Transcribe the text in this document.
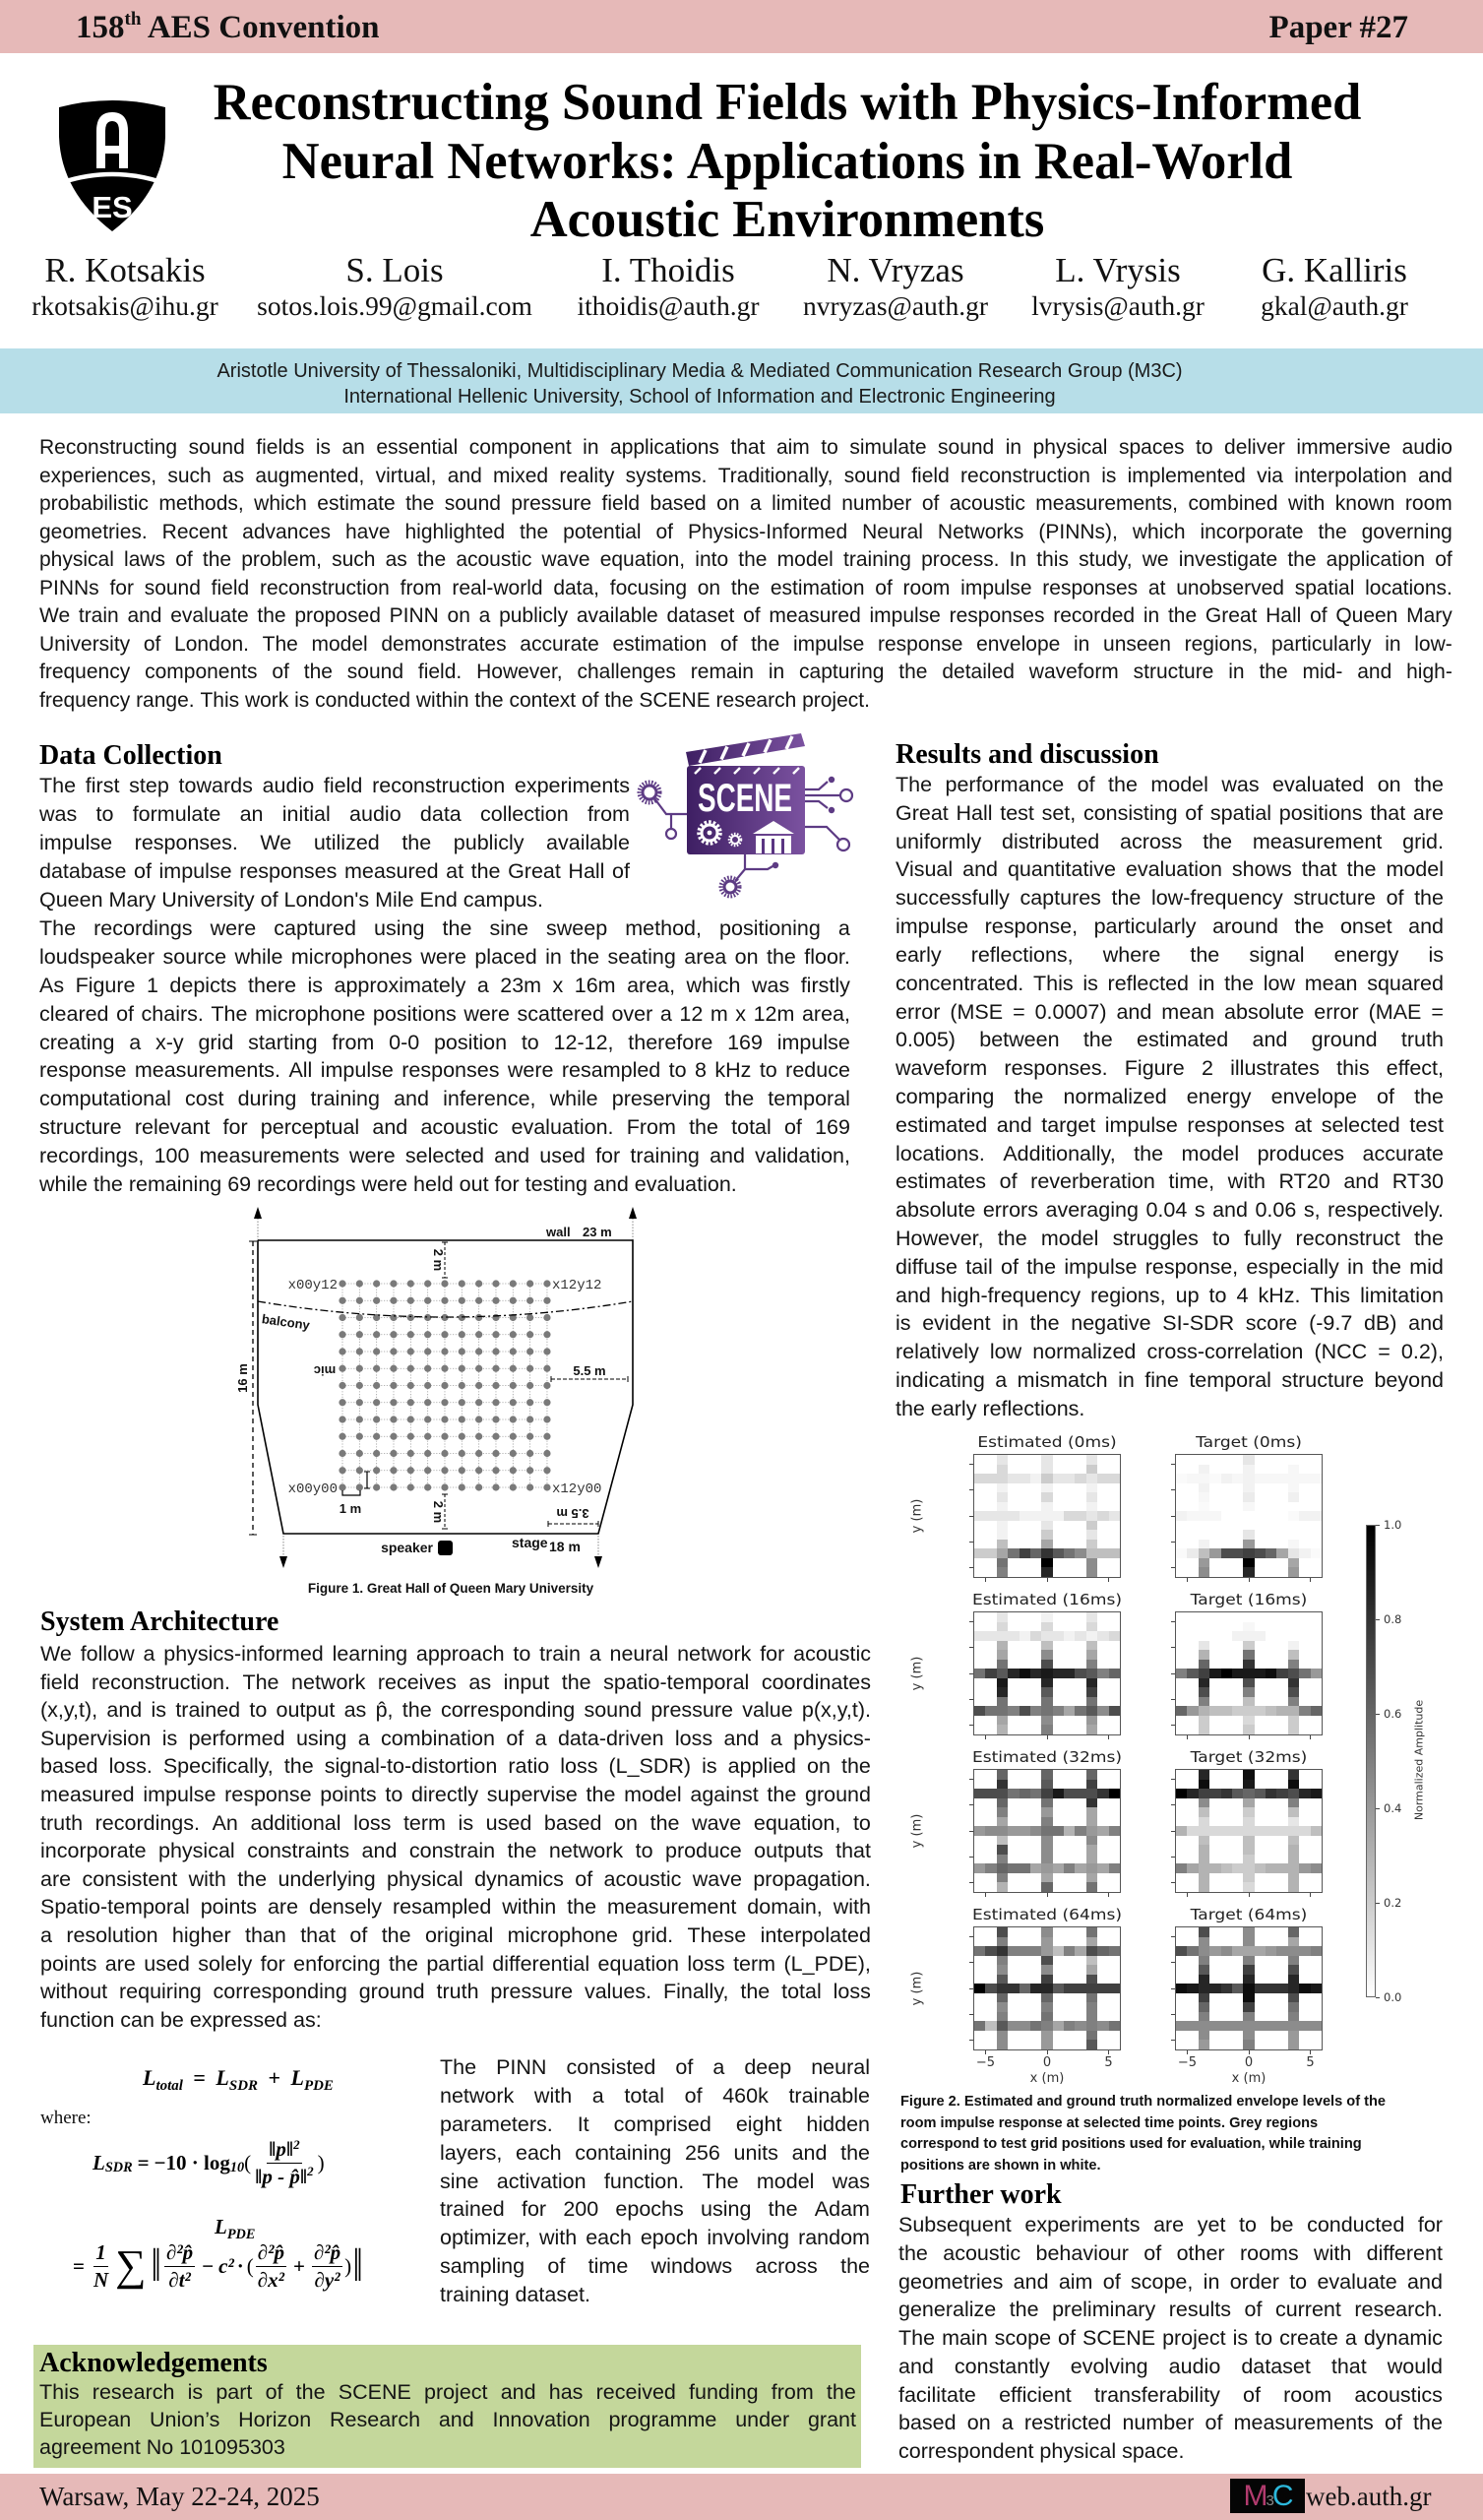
158th AES Convention	Paper #27
ES
Reconstructing Sound Fields with Physics-Informed
Neural Networks: Applications in Real-World
Acoustic Environments
R. Kotsakis
rkotsakis@ihu.gr
S. Lois
sotos.lois.99@gmail.com
I. Thoidis
ithoidis@auth.gr
N. Vryzas
nvryzas@auth.gr
L. Vrysis
lvrysis@auth.gr
G. Kalliris
gkal@auth.gr
Aristotle University of Thessaloniki, Multidisciplinary Media & Mediated Communication Research Group (M3C)
International Hellenic University, School of Information and Electronic Engineering
Reconstructing sound fields is an essential component in applications that aim to simulate sound in physical spaces to deliver immersive audio
experiences, such as augmented, virtual, and mixed reality systems. Traditionally, sound field reconstruction is implemented via interpolation and
probabilistic methods, which estimate the sound pressure field based on a limited number of acoustic measurements, combined with known room
geometries. Recent advances have highlighted the potential of Physics-Informed Neural Networks (PINNs), which incorporate the governing
physical laws of the problem, such as the acoustic wave equation, into the model training process. In this study, we investigate the application of
PINNs for sound field reconstruction from real-world data, focusing on the estimation of room impulse responses at unobserved spatial locations.
We train and evaluate the proposed PINN on a publicly available dataset of measured impulse responses recorded in the Great Hall of Queen Mary
University of London. The model demonstrates accurate estimation of the impulse response envelope in unseen regions, particularly in low-
frequency components of the sound field. However, challenges remain in capturing the detailed waveform structure in the mid- and high-
frequency range. This work is conducted within the context of the SCENE research project.
Data Collection
The first step towards audio field reconstruction experiments
was to formulate an initial audio data collection from
impulse responses. We utilized the publicly available
database of impulse responses measured at the Great Hall of
Queen Mary University of London's Mile End campus.
The recordings were captured using the sine sweep method, positioning a
loudspeaker source while microphones were placed in the seating area on the floor.
As Figure 1 depicts there is approximately a 23m x 16m area, which was firstly
cleared of chairs. The microphone positions were scattered over a 12 m x 12m area,
creating a x-y grid starting from 0-0 position to 12-12, therefore 169 impulse
response measurements. All impulse responses were resampled to 8 kHz to reduce
computational cost during training and inference, while preserving the temporal
structure relevant for perceptual and acoustic evaluation. From the total of 169
recordings, 100 measurements were selected and used for training and validation,
while the remaining 69 recordings were held out for testing and evaluation.
SCENE
wall 23 m
16 m
x00y12	x12y12
x00y00	x12y00
2 m
2 m
balcony
mic	5.5 m
1 m	3.5 m
speaker	stage 18 m
Figure 1. Great Hall of Queen Mary University
System Architecture
We follow a physics-informed learning approach to train a neural network for acoustic
field reconstruction. The network receives as input the spatio-temporal coordinates
(x,y,t), and is trained to output as p̂, the corresponding sound pressure value p(x,y,t).
Supervision is performed using a combination of a data-driven loss and a physics-
based loss. Specifically, the signal-to-distortion ratio loss (L_SDR) is applied on the
measured impulse response points to directly supervise the model against the ground
truth recordings. An additional loss term is used based on the wave equation, to
incorporate physical constraints and constrain the network to produce outputs that
are consistent with the underlying physical dynamics of acoustic wave propagation.
Spatio-temporal points are densely resampled within the measurement domain, with
a resolution higher than that of the original microphone grid. These interpolated
points are used solely for enforcing the partial differential equation loss term (L_PDE),
without requiring corresponding ground truth pressure values. Finally, the total loss
function can be expressed as:
$L_{total} = L_{SDR} + L_{PDE}$
where:
L SDR = −10 · log 10 ( $\frac{‖p‖^2}{‖p - p̂‖^2}$ )
$L_{PDE}$
= $\frac{1}{N}$ ∑ ‖ $\frac{\text{∂²p̂}}{\text{∂t²}} - c^2$ · ( $\frac{\text{∂²p̂}}{\text{∂x²}} + \frac{\text{∂²p̂}}{\text{∂y²}}$ ) ‖
The PINN consisted of a deep neural
network with a total of 460k trainable
parameters. It comprised eight hidden
layers, each containing 256 units and the
sine activation function. The model was
trained for 200 epochs using the Adam
optimizer, with each epoch involving random
sampling of time windows across the
training dataset.
Acknowledgements
This research is part of the SCENE project and has received funding from the
European Union’s Horizon Research and Innovation programme under grant
agreement No 101095303
Results and discussion
The performance of the model was evaluated on the
Great Hall test set, consisting of spatial positions that are
uniformly distributed across the measurement grid.
Visual and quantitative evaluation shows that the model
successfully captures the low-frequency structure of the
impulse response, particularly around the onset and
early reflections, where the signal energy is
concentrated. This is reflected in the low mean squared
error (MSE = 0.0007) and mean absolute error (MAE =
0.005) between the estimated and ground truth
waveform responses. Figure 2 illustrates this effect,
comparing the normalized energy envelope of the
estimated and target impulse responses at selected test
locations. Additionally, the model produces accurate
estimates of reverberation time, with RT20 and RT30
absolute errors averaging 0.04 s and 0.06 s, respectively.
However, the model struggles to fully reconstruct the
diffuse tail of the impulse response, especially in the mid
and high-frequency regions, up to 4 kHz. This limitation
is evident in the negative SI-SDR score (-9.7 dB) and
relatively low normalized cross-correlation (NCC = 0.2),
indicating a mismatch in fine temporal structure beyond
the early reflections.
Estimated (0ms)
y (m)
Target (0ms)
Estimated (16ms)
y (m)
Target (16ms)
Estimated (32ms)
y (m)
Target (32ms)
Estimated (64ms)
−5	0	5
x (m)
y (m)
Target (64ms)
−5	0	5
x (m)
1.0
0.8
0.6
0.4
0.2
0.0
Normalized Amplitude
Figure 2. Est​imated and ground truth normalized envelope levels of the
room impulse response at selected time points. Grey regions
correspond to test grid positions used for evaluation, while training
positions are shown in white.
Further work
Subsequent experiments are yet to be conducted for
the acoustic behaviour of other rooms with different
geometries and aim of scope, in order to evaluate and
generalize the preliminary results of current research.
The main scope of SCENE project is to create a dynamic
and constantly evolving audio dataset that would
facilitate efficient transferability of room acoustics
based on a restricted number of measurements of the
correspondent physical space.
Warsaw, May 22-24, 2025	M3C web.auth.gr
